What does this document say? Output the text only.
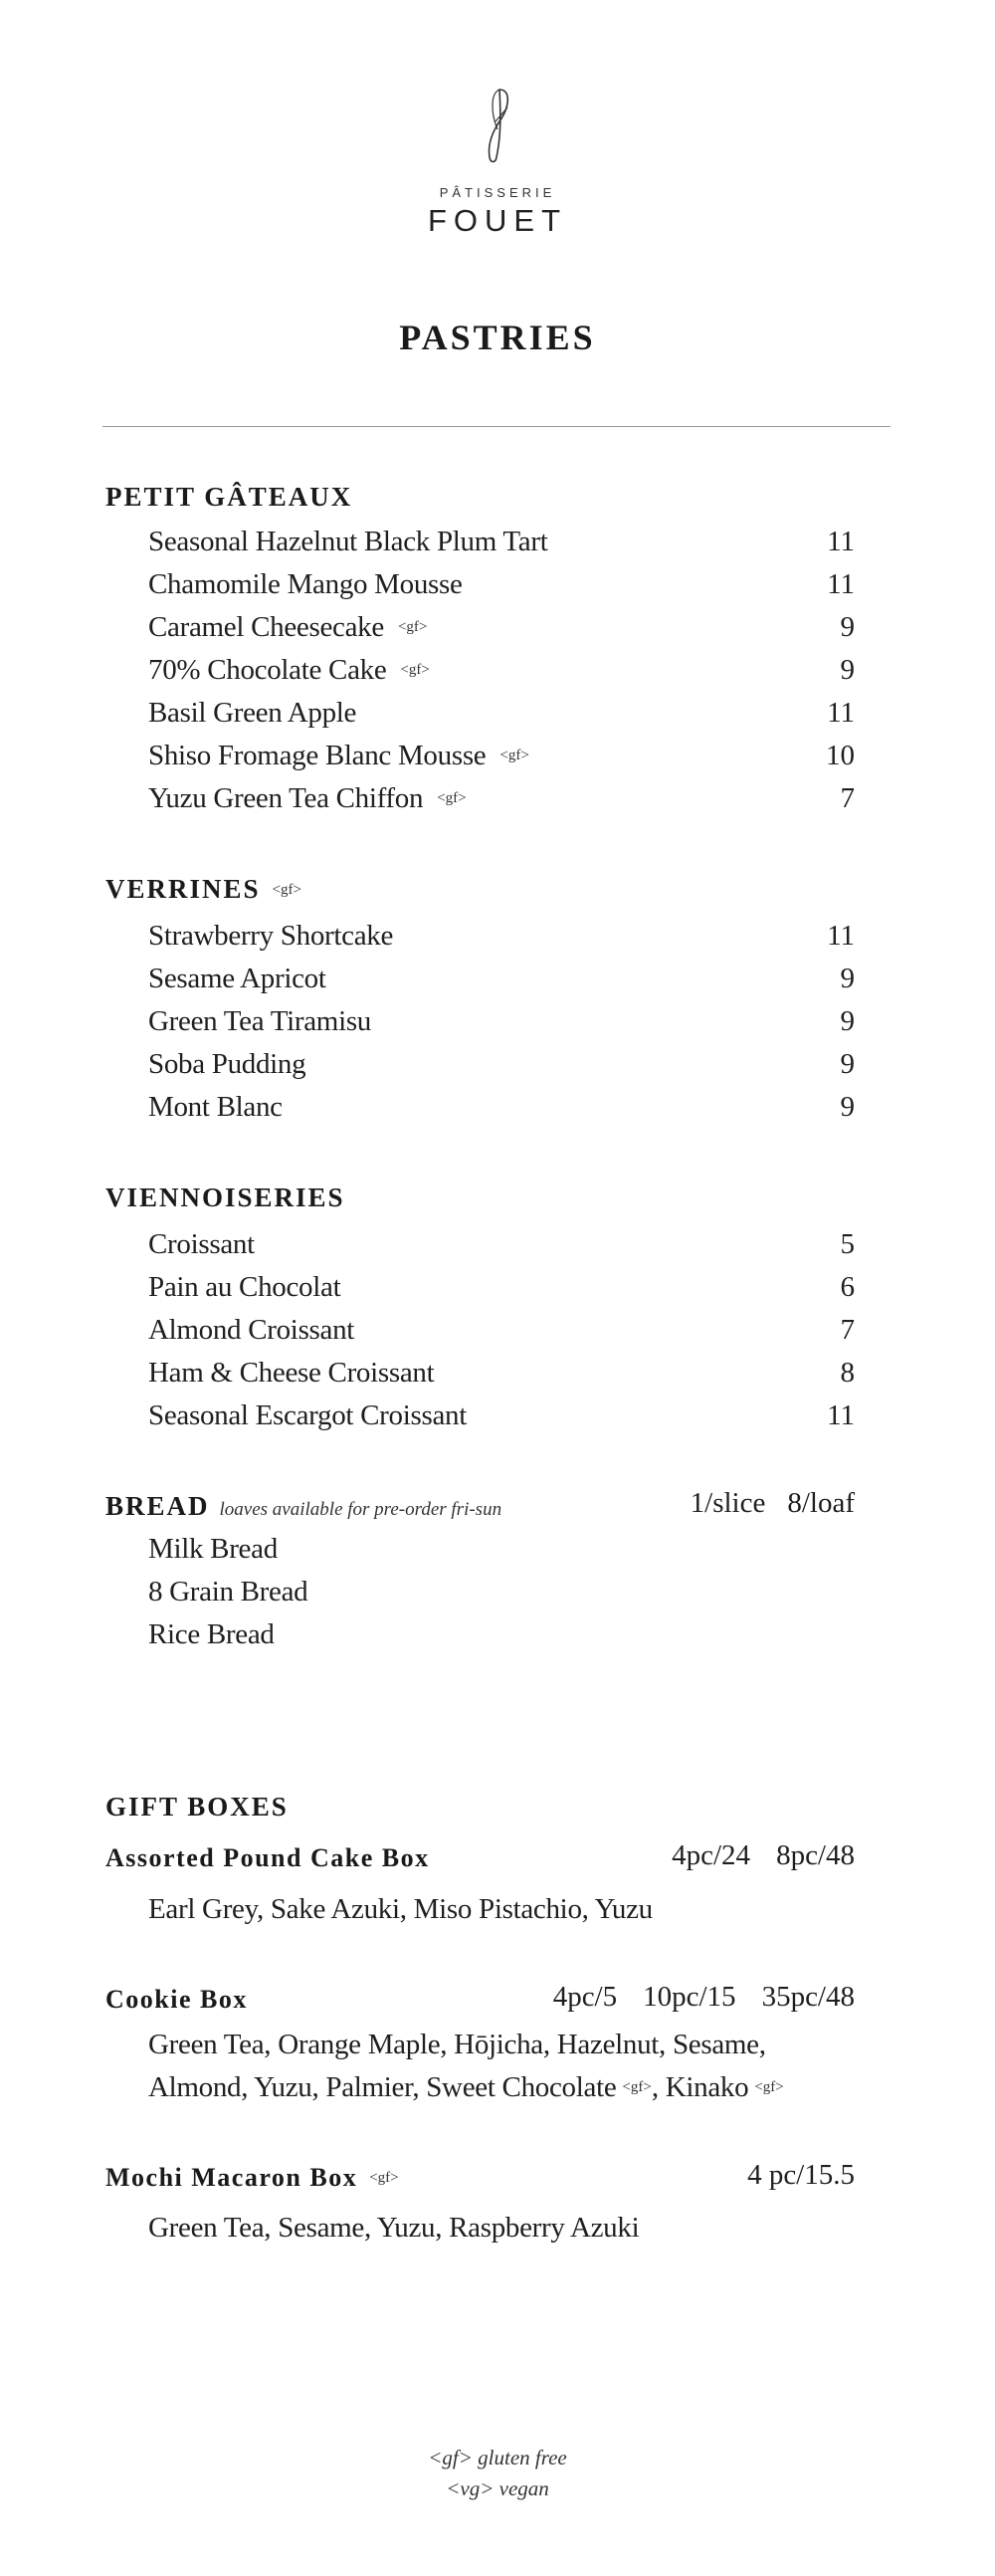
PÂTISSERIE
FOUET
PASTRIES
PETIT GÂTEAUX
Seasonal Hazelnut Black Plum Tart	11
Chamomile Mango Mousse	11
Caramel Cheesecake <gf>	9
70% Chocolate Cake <gf>	9
Basil Green Apple	11
Shiso Fromage Blanc Mousse <gf>	10
Yuzu Green Tea Chiffon <gf>	7
VERRINES <gf>
Strawberry Shortcake	11
Sesame Apricot	9
Green Tea Tiramisu	9
Soba Pudding	9
Mont Blanc	9
VIENNOISERIES
Croissant	5
Pain au Chocolat	6
Almond Croissant	7
Ham & Cheese Croissant	8
Seasonal Escargot Croissant	11
BREAD loaves available for pre-order fri-sun	1/slice 8/loaf
Milk Bread
8 Grain Bread
Rice Bread
GIFT BOXES
Assorted Pound Cake Box	4pc/24 8pc/48
Earl Grey, Sake Azuki, Miso Pistachio, Yuzu
Cookie Box	4pc/5 10pc/15 35pc/48
Green Tea, Orange Maple, Hōjicha, Hazelnut, Sesame,
Almond, Yuzu, Palmier, Sweet Chocolate <gf>, Kinako <gf>
Mochi Macaron Box <gf>	4 pc/15.5
Green Tea, Sesame, Yuzu, Raspberry Azuki
<gf> gluten free
<vg> vegan
